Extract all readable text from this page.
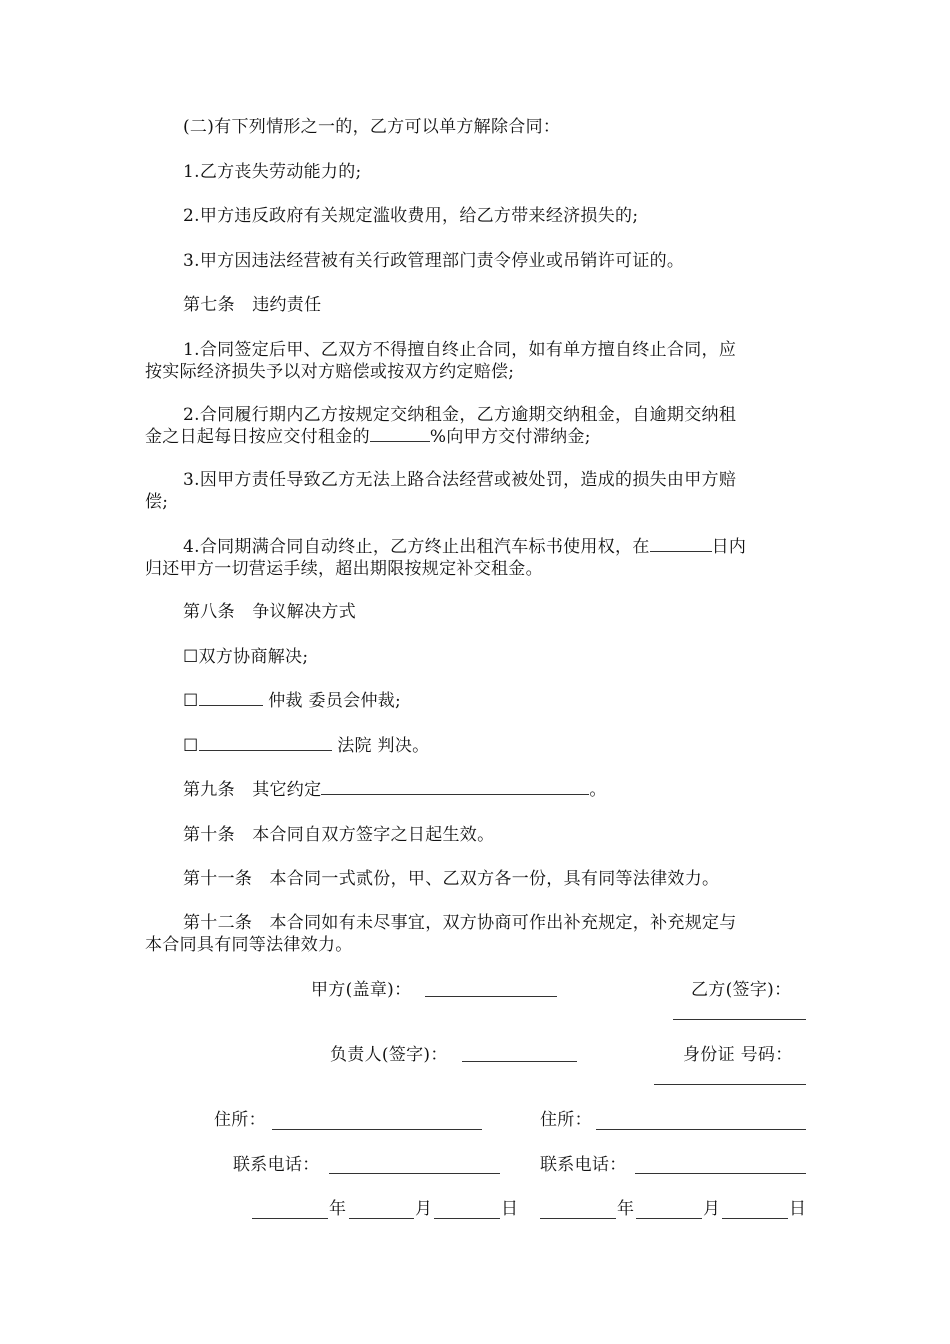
(二)有下列情形之一的，乙方可以单方解除合同：
1.乙方丧失劳动能力的;
2.甲方违反政府有关规定滥收费用，给乙方带来经济损失的;
3.甲方因违法经营被有关行政管理部门责令停业或吊销许可证的。
第七条　违约责任
1.合同签定后甲、乙双方不得擅自终止合同，如有单方擅自终止合同，应
按实际经济损失予以对方赔偿或按双方约定赔偿;
2.合同履行期内乙方按规定交纳租金，乙方逾期交纳租金，自逾期交纳租
金之日起每日按应交付租金的	%向甲方交付滞纳金;
3.因甲方责任导致乙方无法上路合法经营或被处罚，造成的损失由甲方赔
偿;
4.合同期满合同自动终止，乙方终止出租汽车标书使用权，在	日内
归还甲方一切营运手续，超出期限按规定补交租金。
第八条　争议解决方式
☐双方协商解决;
☐	仲裁 委员会仲裁;
☐	法院 判决。
第九条　其它约定	。
第十条　本合同自双方签字之日起生效。
第十一条　本合同一式贰份，甲、乙双方各一份，具有同等法律效力。
第十二条　本合同如有未尽事宜，双方协商可作出补充规定，补充规定与
本合同具有同等法律效力。
甲方(盖章)：	乙方(签字)：
负责人(签字)：	身份证 号码：
住所：	住所：
联系电话：	联系电话：
年	月	日	年	月	日
